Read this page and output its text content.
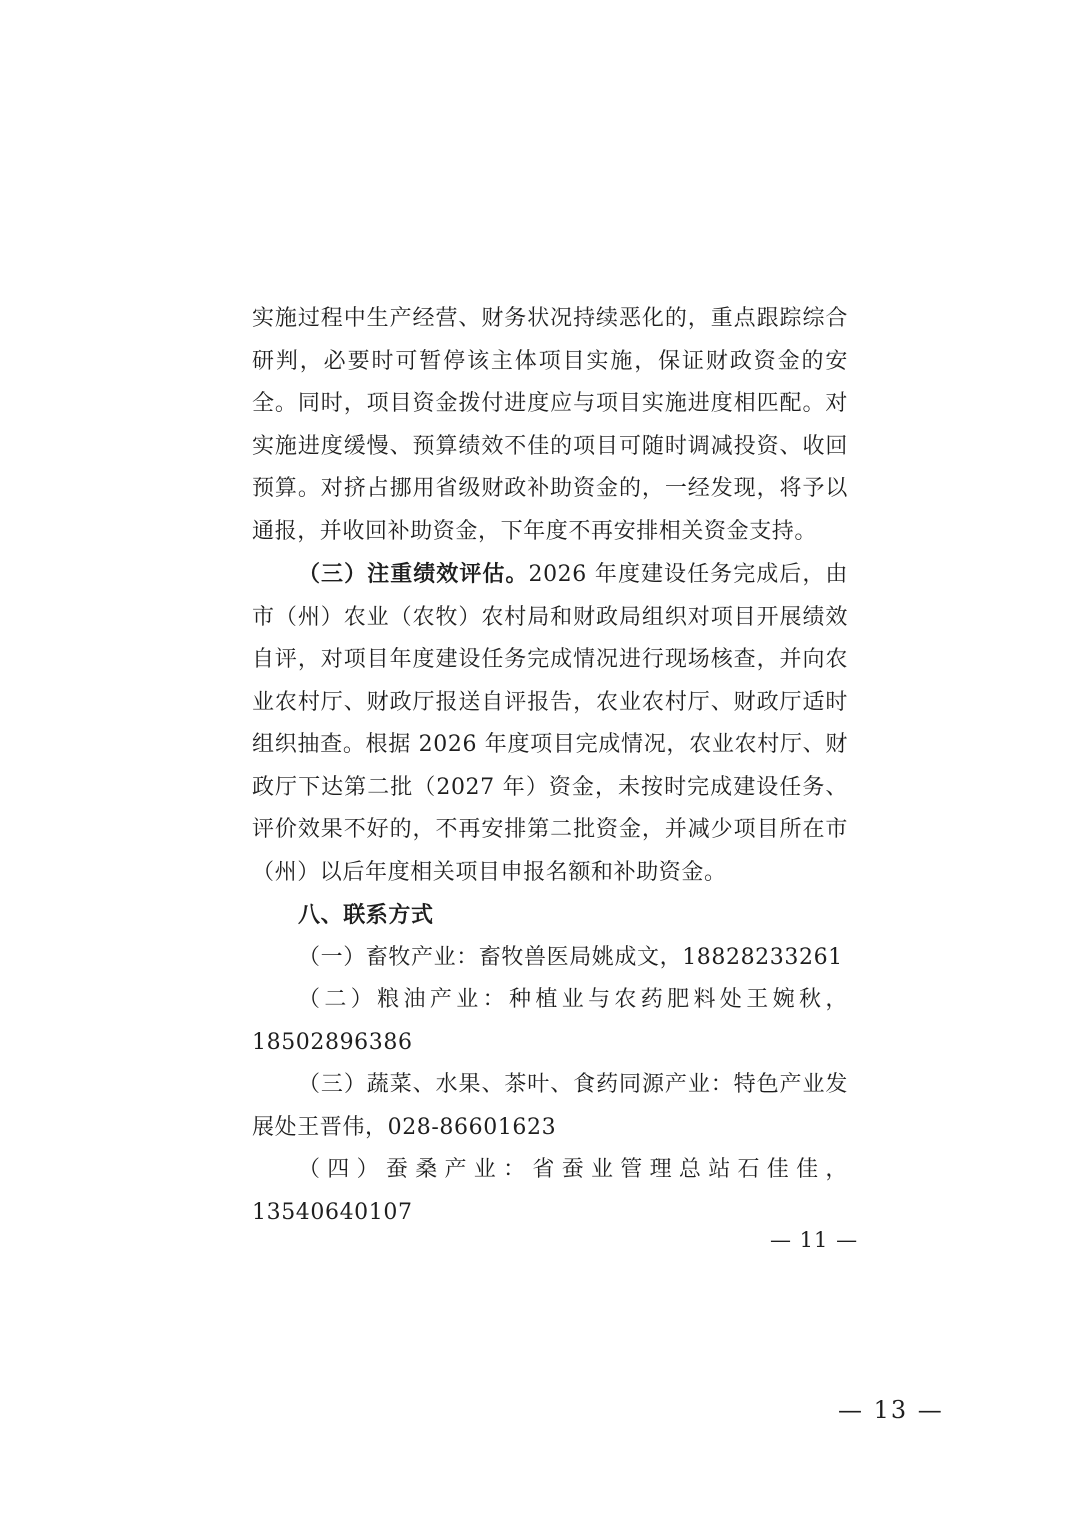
实施过程中生产经营、财务状况持续恶化的，重点跟踪综合研判，必要时可暂停该主体项目实施，保证财政资金的安全。同时，项目资金拨付进度应与项目实施进度相匹配。对实施进度缓慢、预算绩效不佳的项目可随时调减投资、收回预算。对挤占挪用省级财政补助资金的，一经发现，将予以通报，并收回补助资金，下年度不再安排相关资金支持。

（三）注重绩效评估。2026 年度建设任务完成后，由市（州）农业（农牧）农村局和财政局组织对项目开展绩效自评，对项目年度建设任务完成情况进行现场核查，并向农业农村厅、财政厅报送自评报告，农业农村厅、财政厅适时组织抽查。根据 2026 年度项目完成情况，农业农村厅、财政厅下达第二批（2027 年）资金，未按时完成建设任务、评价效果不好的，不再安排第二批资金，并减少项目所在市（州）以后年度相关项目申报名额和补助资金。

八、联系方式

（一）畜牧产业：畜牧兽医局姚成文，18828233261

（二）粮油产业：种植业与农药肥料处王婉秋，18502896386

（三）蔬菜、水果、茶叶、食药同源产业：特色产业发展处王晋伟，028-86601623

（四）蚕桑产业：省蚕业管理总站石佳佳，13540640107

— 11 —
— 13 —
